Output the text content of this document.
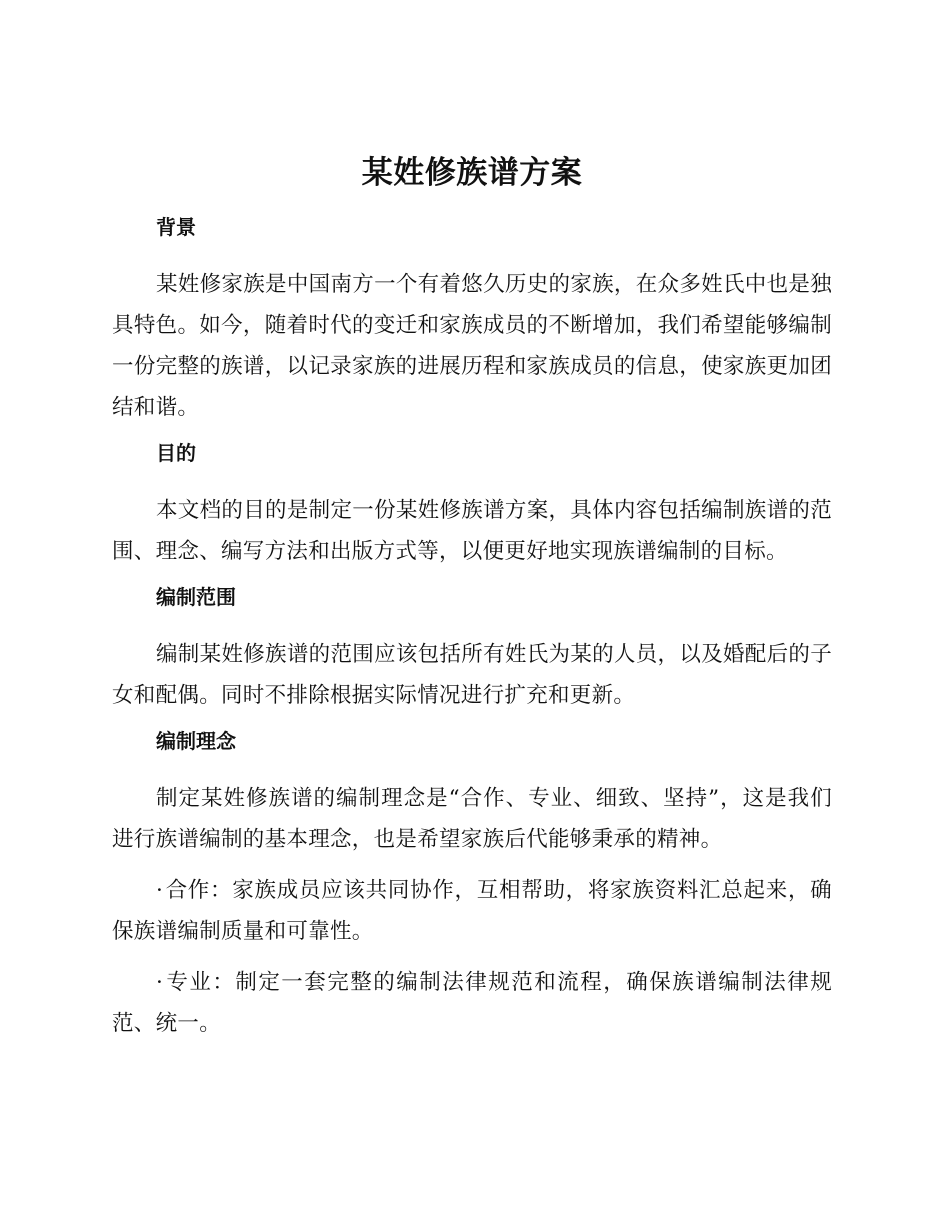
某姓修族谱方案
背景

某姓修家族是中国南方一个有着悠久历史的家族，在众多姓氏中也是独具特色。如今，随着时代的变迁和家族成员的不断增加，我们希望能够编制一份完整的族谱，以记录家族的进展历程和家族成员的信息，使家族更加团结和谐。

目的

本文档的目的是制定一份某姓修族谱方案，具体内容包括编制族谱的范围、理念、编写方法和出版方式等，以便更好地实现族谱编制的目标。

编制范围

编制某姓修族谱的范围应该包括所有姓氏为某的人员，以及婚配后的子女和配偶。同时不排除根据实际情况进行扩充和更新。

编制理念

制定某姓修族谱的编制理念是“合作、专业、细致、坚持”，这是我们进行族谱编制的基本理念，也是希望家族后代能够秉承的精神。

·合作：家族成员应该共同协作，互相帮助，将家族资料汇总起来，确保族谱编制质量和可靠性。

·专业：制定一套完整的编制法律规范和流程，确保族谱编制法律规范、统一。
